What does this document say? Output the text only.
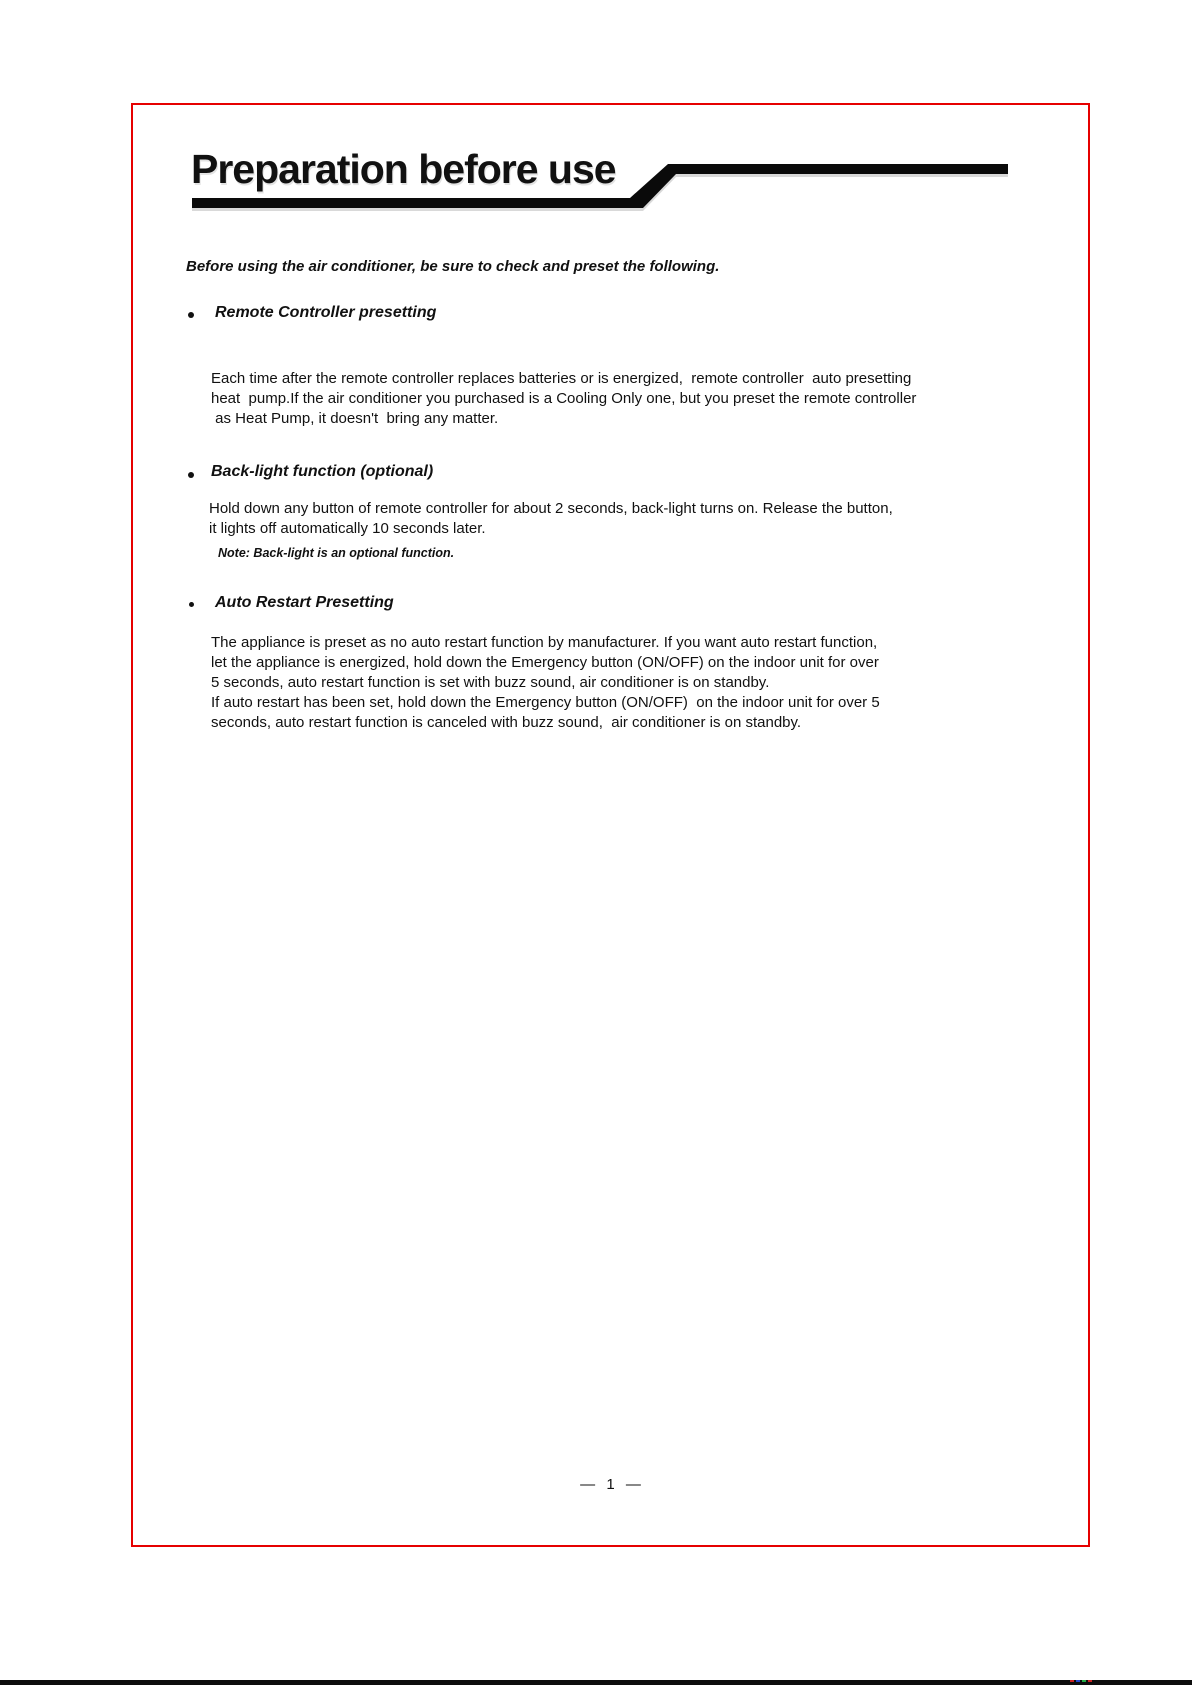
Preparation before use
Before using the air conditioner, be sure to check and preset the following.
Remote Controller presetting
Each time after the remote controller replaces batteries or is energized,  remote controller  auto presetting
heat  pump.If the air conditioner you purchased is a Cooling Only one, but you preset the remote controller
as Heat Pump, it doesn't  bring any matter.
Back-light function (optional)
Hold down any button of remote controller for about 2 seconds, back-light turns on. Release the button,
it lights off automatically 10 seconds later.
Note: Back-light is an optional function.
Auto Restart Presetting
The appliance is preset as no auto restart function by manufacturer. If you want auto restart function,
let the appliance is energized, hold down the Emergency button (ON/OFF) on the indoor unit for over
5 seconds, auto restart function is set with buzz sound, air conditioner is on standby.
If auto restart has been set, hold down the Emergency button (ON/OFF)  on the indoor unit for over 5
seconds, auto restart function is canceled with buzz sound,  air conditioner is on standby.
— 1 —
